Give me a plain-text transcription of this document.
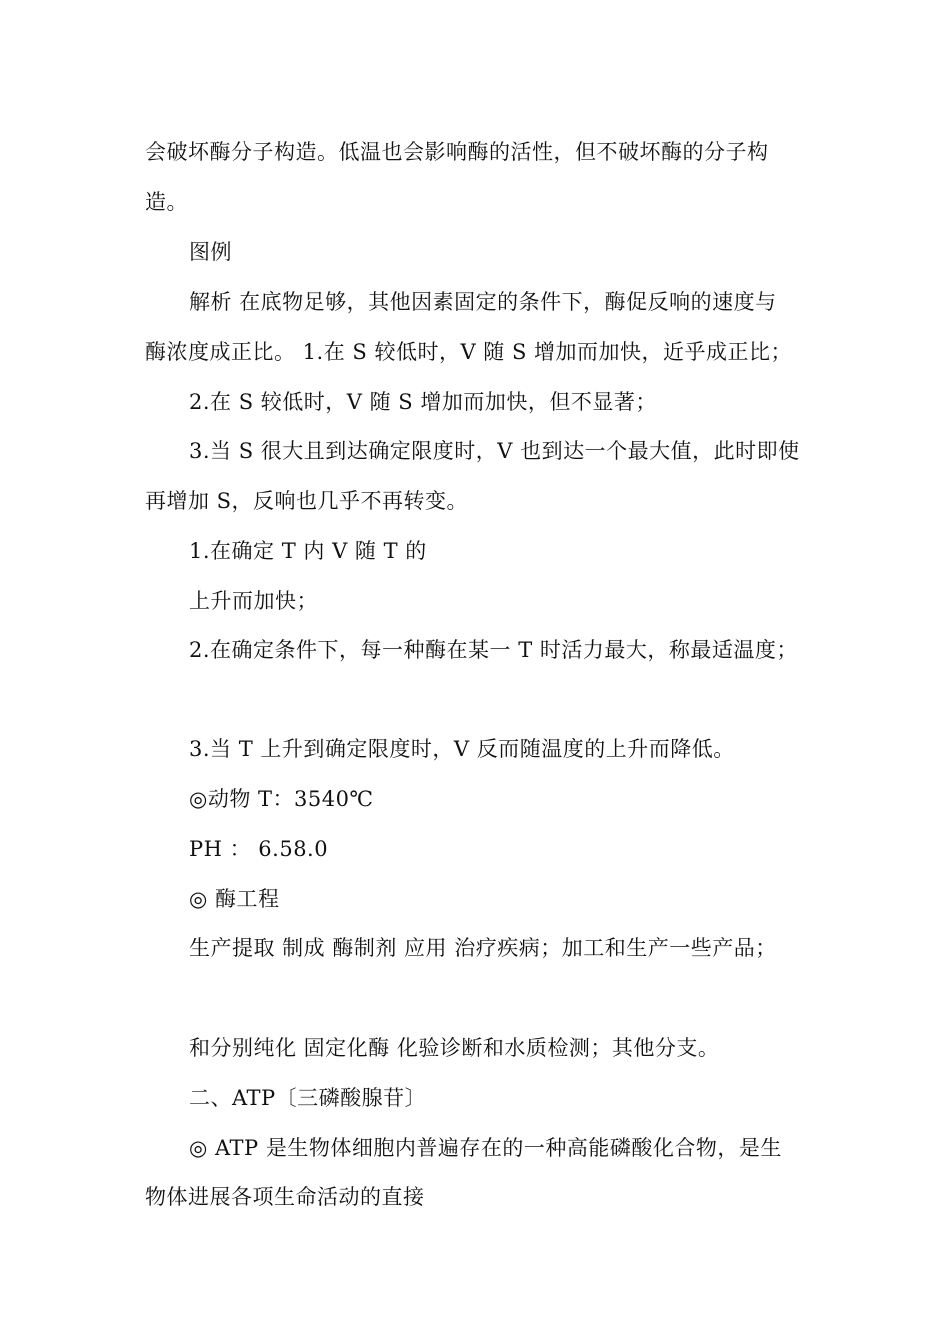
会破坏酶分子构造。低温也会影响酶的活性，但不破坏酶的分子构
造。
图例
解析 在底物足够，其他因素固定的条件下，酶促反响的速度与
酶浓度成正比。 1.在 S 较低时，V 随 S 增加而加快，近乎成正比；
2.在 S 较低时，V 随 S 增加而加快，但不显著；
3.当 S 很大且到达确定限度时，V 也到达一个最大值，此时即使
再增加 S，反响也几乎不再转变。
1.在确定 T 内 V 随 T 的
上升而加快；
2.在确定条件下，每一种酶在某一 T 时活力最大，称最适温度；
3.当 T 上升到确定限度时，V 反而随温度的上升而降低。
◎动物 T：3540℃
PH ： 6.58.0
◎ 酶工程
生产提取 制成 酶制剂 应用 治疗疾病；加工和生产一些产品；
和分别纯化 固定化酶 化验诊断和水质检测；其他分支。
二、ATP〔三磷酸腺苷〕
◎ ATP 是生物体细胞内普遍存在的一种高能磷酸化合物，是生
物体进展各项生命活动的直接
